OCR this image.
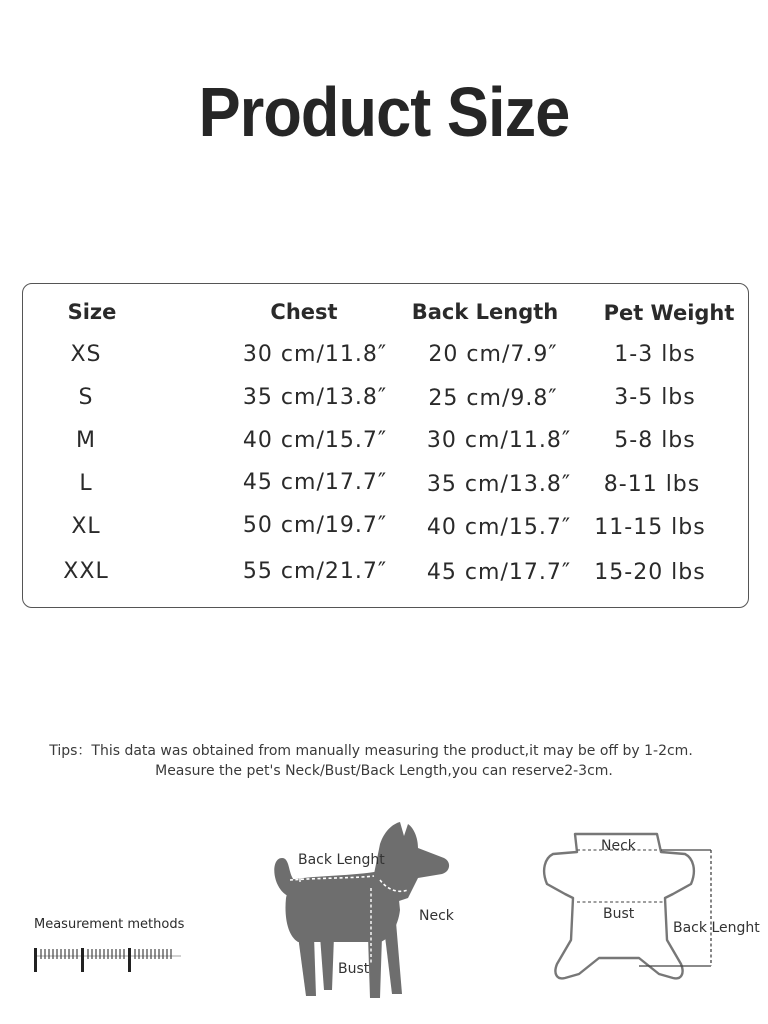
Product Size
Size	Chest	Back Length Pet Weight
XS	30 cm/11.8″ 20 cm/7.9″	1-3 lbs
S	35 cm/13.8″ 25 cm/9.8″	3-5 lbs
M	40 cm/15.7″ 30 cm/11.8″ 5-8 lbs
L	45 cm/17.7″ 35 cm/13.8″ 8-11 lbs
XL	50 cm/19.7″ 40 cm/15.7″ 11-15 lbs
XXL	55 cm/21.7″ 45 cm/17.7″ 15-20 lbs
Tips：This data was obtained from manually measuring the product,it may be off by 1-2cm.
Measure the pet's Neck/Bust/Back Length,you can reserve2-3cm.
Measurement methods
Back Lenght
Neck
Bust
Neck
Bust
Back Lenght
